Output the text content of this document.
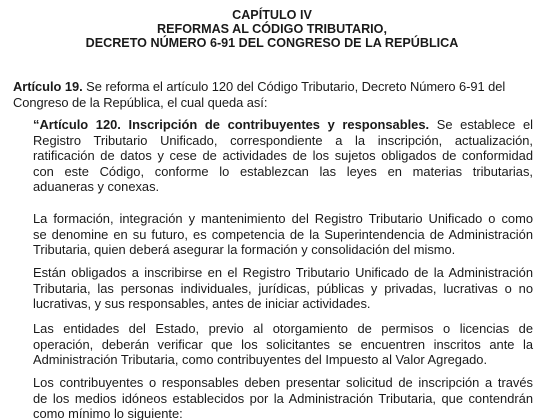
CAPÍTULO IV
REFORMAS AL CÓDIGO TRIBUTARIO,
DECRETO NÚMERO 6-91 DEL CONGRESO DE LA REPÚBLICA
Artículo 19. Se reforma el artículo 120 del Código Tributario, Decreto Número 6-91 del
Congreso de la República, el cual queda así:
“Artículo 120. Inscripción de contribuyentes y responsables. Se establece el
Registro Tributario Unificado, correspondiente a la inscripción, actualización,
ratificación de datos y cese de actividades de los sujetos obligados de conformidad
con este Código, conforme lo establezcan las leyes en materias tributarias,
aduaneras y conexas.
La formación, integración y mantenimiento del Registro Tributario Unificado o como
se denomine en su futuro, es competencia de la Superintendencia de Administración
Tributaria, quien deberá asegurar la formación y consolidación del mismo.
Están obligados a inscribirse en el Registro Tributario Unificado de la Administración
Tributaria, las personas individuales, jurídicas, públicas y privadas, lucrativas o no
lucrativas, y sus responsables, antes de iniciar actividades.
Las entidades del Estado, previo al otorgamiento de permisos o licencias de
operación, deberán verificar que los solicitantes se encuentren inscritos ante la
Administración Tributaria, como contribuyentes del Impuesto al Valor Agregado.
Los contribuyentes o responsables deben presentar solicitud de inscripción a través
de los medios idóneos establecidos por la Administración Tributaria, que contendrán
como mínimo lo siguiente:
